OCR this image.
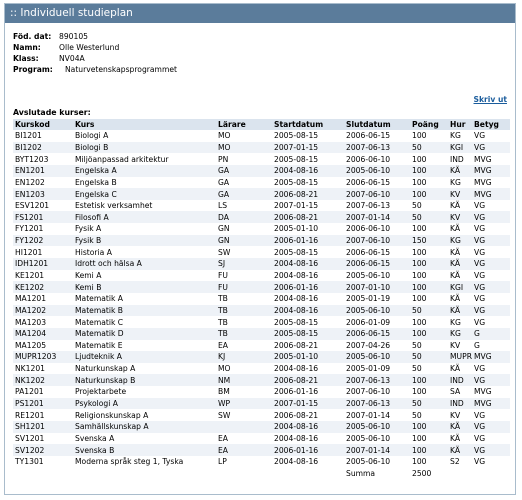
:: Individuell studieplan
Föd. dat: 890105
Namn: Olle Westerlund
Klass:	NV04A
Program: Naturvetenskapsprogrammet
Skriv ut
Avslutade kurser:
Kurskod	Kurs	Lärare	Startdatum	Slutdatum	Poäng	Hur	Betyg
BI1201	Biologi A	MO	2005-08-15	2006-06-15	100	KG	VG
BI1202	Biologi B	MO	2007-01-15	2007-06-13	50	KGI	VG
BYT1203	Miljöanpassad arkitektur	PN	2005-08-15	2006-06-10	100	IND	MVG
EN1201	Engelska A	GA	2004-08-16	2005-06-10	100	KÄ	MVG
EN1202	Engelska B	GA	2005-08-15	2006-06-15	100	KG	MVG
EN1203	Engelska C	GA	2006-08-21	2007-06-10	100	KV	MVG
ESV1201	Estetisk verksamhet	LS	2007-01-15	2007-06-13	50	KÄ	VG
FS1201	Filosofi A	DA	2006-08-21	2007-01-14	50	KV	VG
FY1201	Fysik A	GN	2005-01-10	2006-06-10	100	KÄ	VG
FY1202	Fysik B	GN	2006-01-16	2007-06-10	150	KG	VG
HI1201	Historia A	SW	2005-08-15	2006-06-15	100	KÄ	VG
IDH1201	Idrott och hälsa A	SJ	2004-08-16	2006-06-15	100	KÄ	VG
KE1201	Kemi A	FU	2004-08-16	2005-06-10	100	KÄ	VG
KE1202	Kemi B	FU	2006-01-16	2007-01-10	100	KGI	VG
MA1201	Matematik A	TB	2004-08-16	2005-01-19	100	KÄ	VG
MA1202	Matematik B	TB	2004-08-16	2005-06-10	50	KÄ	VG
MA1203	Matematik C	TB	2005-08-15	2006-01-09	100	KG	VG
MA1204	Matematik D	TB	2005-08-15	2006-06-15	100	KG	G
MA1205	Matematik E	EA	2006-08-21	2007-04-26	50	KV	G
MUPR1203	Ljudteknik A	KJ	2005-01-10	2005-06-10	50	MUPR	MVG
NK1201	Naturkunskap A	MO	2004-08-16	2005-01-09	50	KÄ	VG
NK1202	Naturkunskap B	NM	2006-08-21	2007-06-13	100	IND	VG
PA1201	Projektarbete	BM	2006-01-16	2007-06-10	100	SA	MVG
PS1201	Psykologi A	WP	2007-01-15	2007-06-13	50	IND	MVG
RE1201	Religionskunskap A	SW	2006-08-21	2007-01-14	50	KV	VG
SH1201	Samhällskunskap A		2004-08-16	2005-06-10	100	KÄ	VG
SV1201	Svenska A	EA	2004-08-16	2005-06-10	100	KÄ	VG
SV1202	Svenska B	EA	2006-01-16	2007-01-14	100	KÄ	VG
TY1301	Moderna språk steg 1, Tyska	LP	2004-08-16	2005-06-10	100	S2	VG
				Summa	2500		
